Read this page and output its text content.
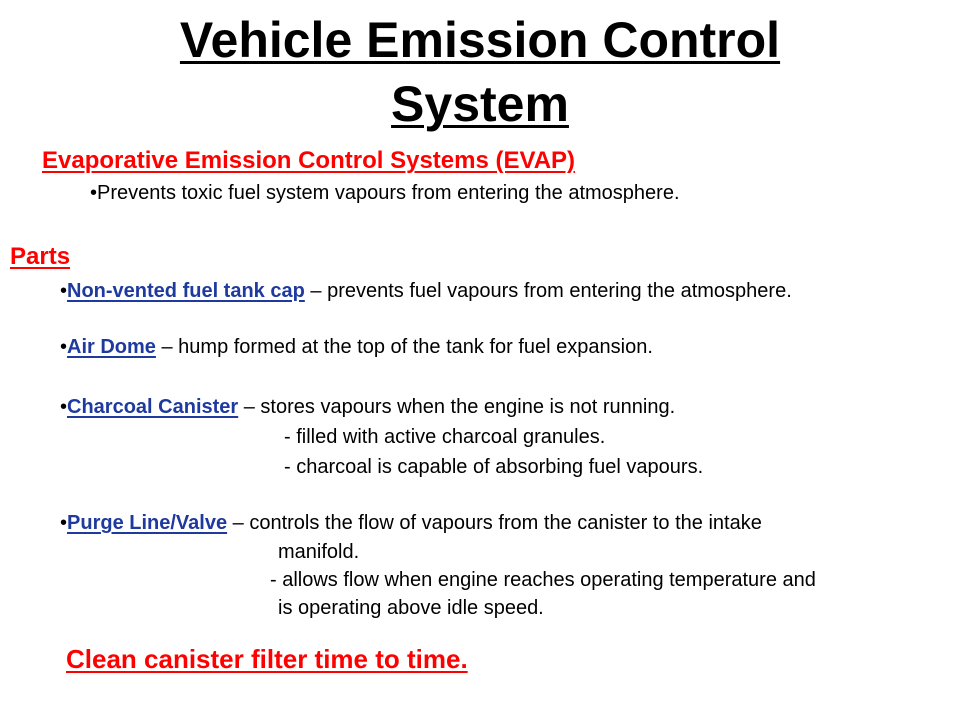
Vehicle Emission Control
System
Evaporative Emission Control Systems (EVAP)
•Prevents toxic fuel system vapours from entering the atmosphere.
Parts
•Non-vented fuel tank cap – prevents fuel vapours from entering the atmosphere.
•Air Dome – hump formed at the top of the tank for fuel expansion.
•Charcoal Canister – stores vapours when the engine is not running.
- filled with active charcoal granules.
- charcoal is capable of absorbing fuel vapours.
•Purge Line/Valve – controls the flow of vapours from the canister to the intake
manifold.
- allows flow when engine reaches operating temperature and
is operating above idle speed.
Clean canister filter time to time.
